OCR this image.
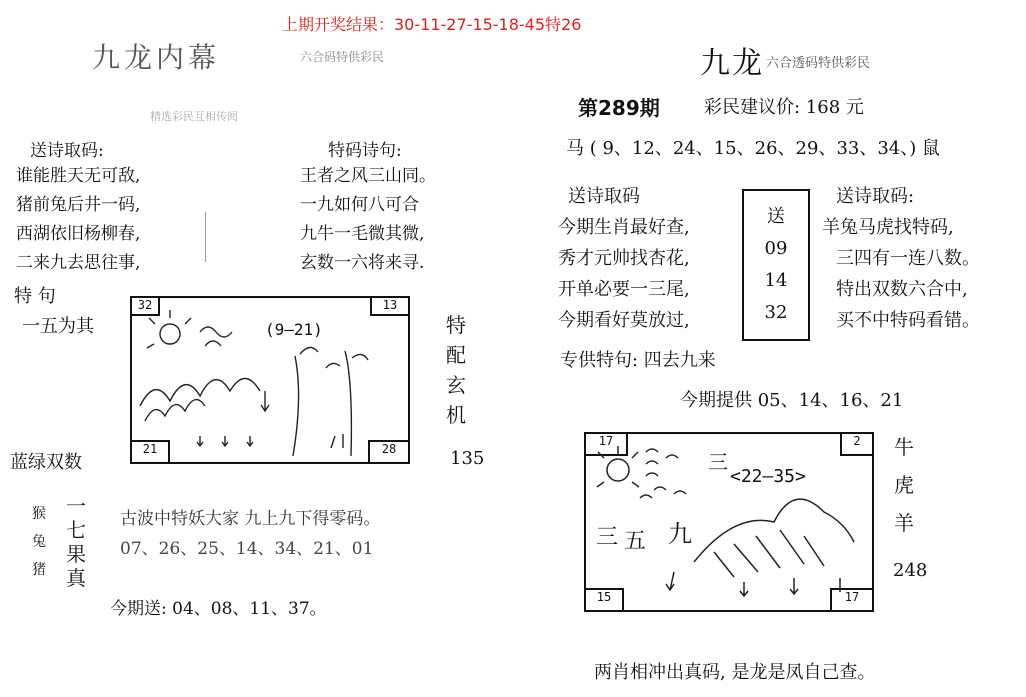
上期开奖结果：30-11-27-15-18-45特26
九龙内幕	六合码特供彩民
精选彩民互相传阅
送诗取码:
谁能胜天无可敌,
猪前兔后井一码,
西湖依旧杨柳春,
二来九去思往事,
特码诗句:
王者之风三山同。
一九如何八可合
九牛一毛微其微,
玄数一六将来寻.
特 句
一五为其
32	13
21	28
(9—21)	特
配
玄
机
135
蓝绿双数
猴
兔
猪
一
七
果
真
古波中特妖大家 九上九下得零码。
07、26、25、14、34、21、01
今期送: 04、08、11、37。
九龙 六合透码特供彩民
第289期 彩民建议价: 168 元
马 ( 9、12、24、15、26、29、33、34、) 鼠
送诗取码
今期生肖最好查,
秀才元帅找杏花,
开单必要一三尾,
今期看好莫放过,
送
09
14
32
送诗取码:
羊兔马虎找特码,
三四有一连八数。
特出双数六合中,
买不中特码看错。
专供特句: 四去九来
今期提供 05、14、16、21
17	2
15	17
<22—35>
三
三 五 九
牛
虎
羊
248
两肖相冲出真码, 是龙是凤自己查。
